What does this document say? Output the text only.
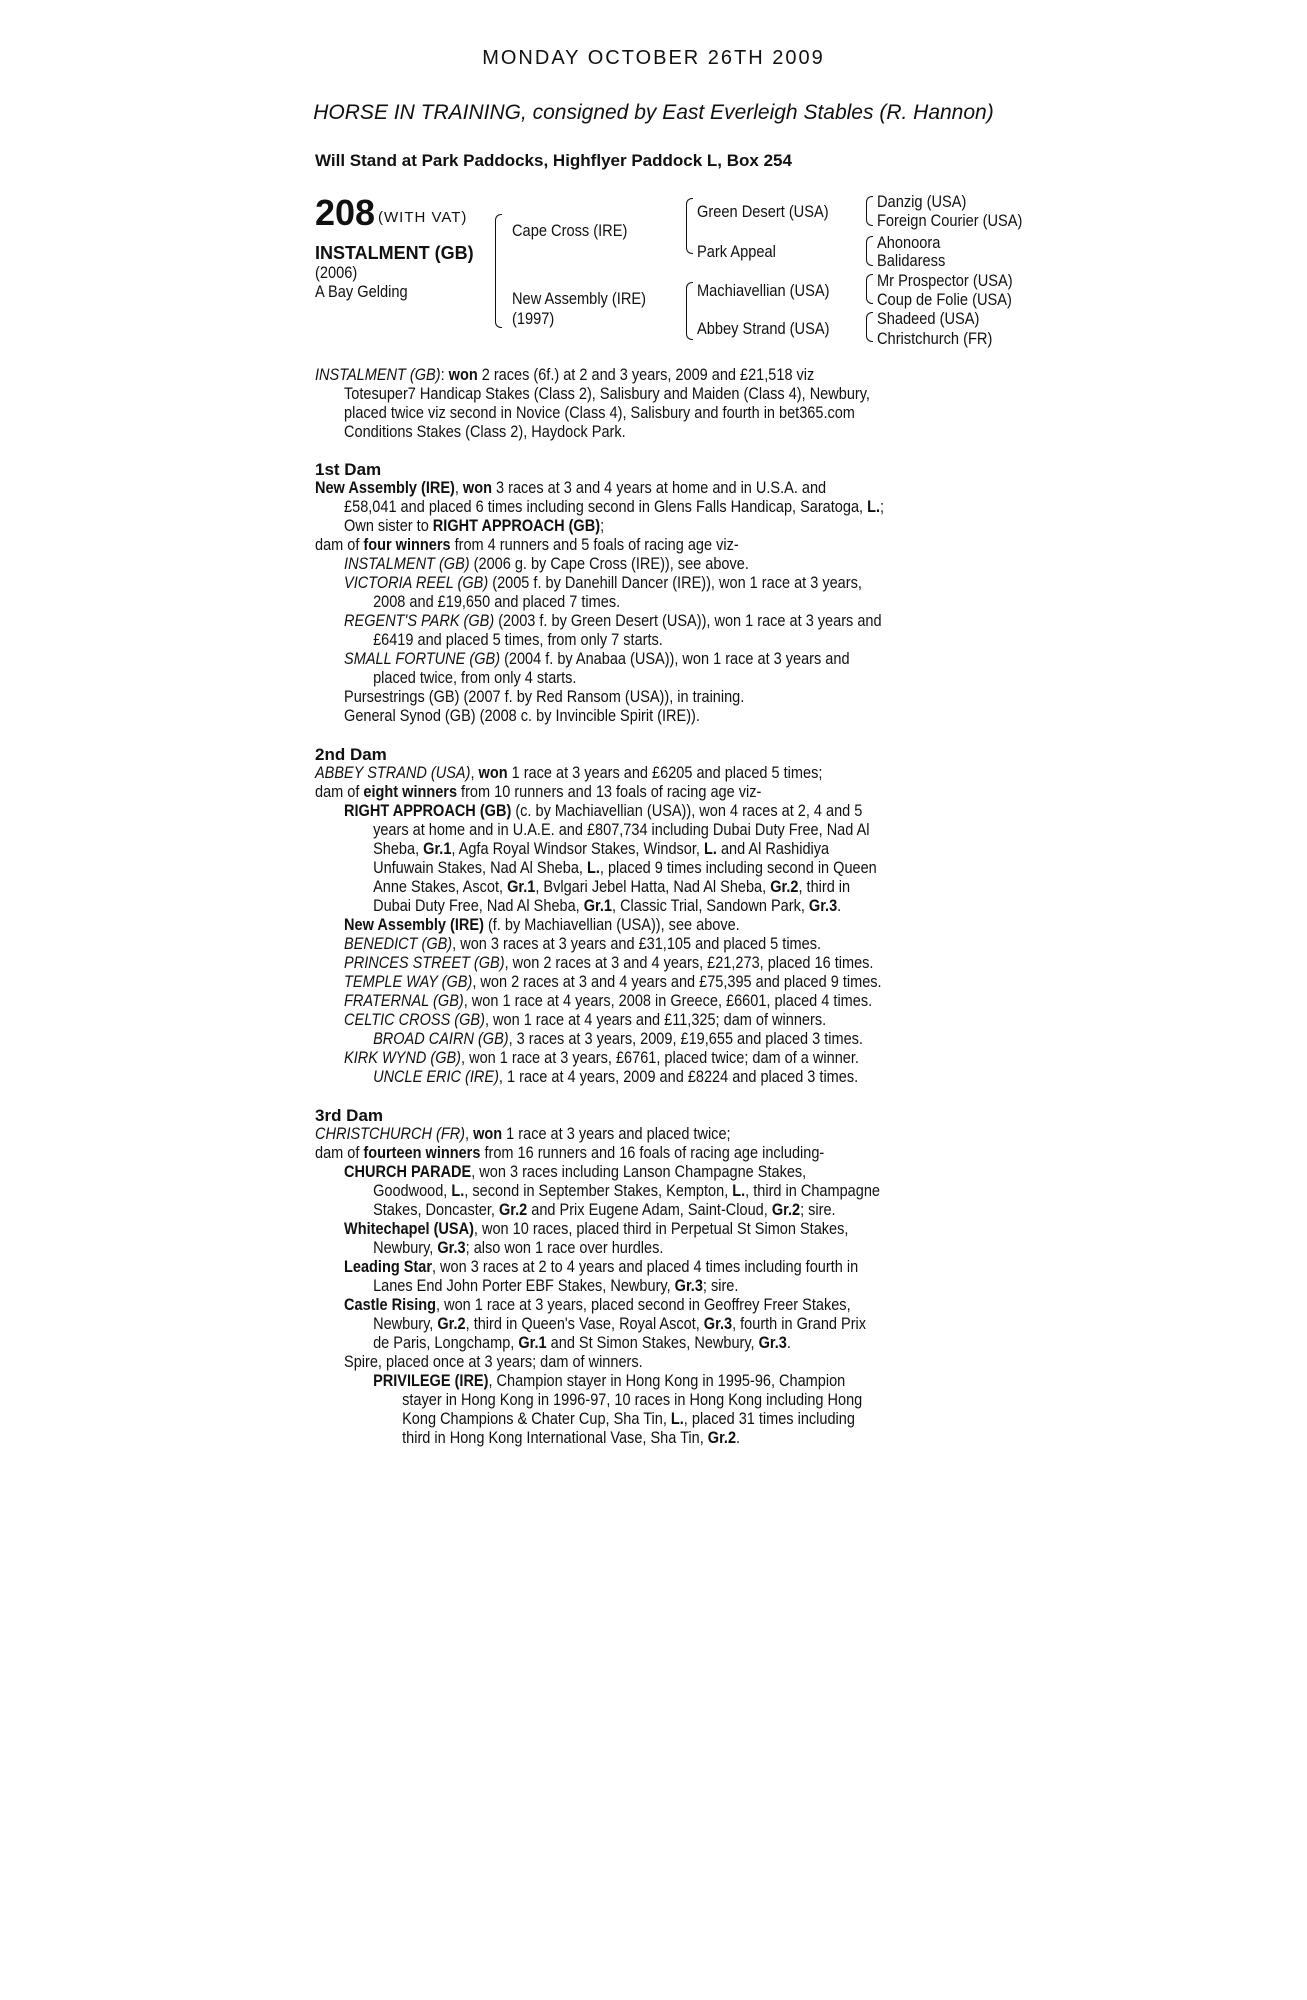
MONDAY OCTOBER 26TH 2009
HORSE IN TRAINING, consigned by East Everleigh Stables (R. Hannon)
Will Stand at Park Paddocks, Highflyer Paddock L, Box 254
208 (WITH VAT)
INSTALMENT (GB)
(2006)
A Bay Gelding
Cape Cross (IRE)
New Assembly (IRE)
(1997)
Green Desert (USA)
Park Appeal
Machiavellian (USA)
Abbey Strand (USA)
Danzig (USA)
Foreign Courier (USA)
Ahonoora
Balidaress
Mr Prospector (USA)
Coup de Folie (USA)
Shadeed (USA)
Christchurch (FR)
INSTALMENT (GB): won 2 races (6f.) at 2 and 3 years, 2009 and £21,518 viz
Totesuper7 Handicap Stakes (Class 2), Salisbury and Maiden (Class 4), Newbury,
placed twice viz second in Novice (Class 4), Salisbury and fourth in bet365.com
Conditions Stakes (Class 2), Haydock Park.
1st Dam
New Assembly (IRE), won 3 races at 3 and 4 years at home and in U.S.A. and
£58,041 and placed 6 times including second in Glens Falls Handicap, Saratoga, L.;
Own sister to RIGHT APPROACH (GB);
dam of four winners from 4 runners and 5 foals of racing age viz-
INSTALMENT (GB) (2006 g. by Cape Cross (IRE)), see above.
VICTORIA REEL (GB) (2005 f. by Danehill Dancer (IRE)), won 1 race at 3 years,
2008 and £19,650 and placed 7 times.
REGENT'S PARK (GB) (2003 f. by Green Desert (USA)), won 1 race at 3 years and
£6419 and placed 5 times, from only 7 starts.
SMALL FORTUNE (GB) (2004 f. by Anabaa (USA)), won 1 race at 3 years and
placed twice, from only 4 starts.
Pursestrings (GB) (2007 f. by Red Ransom (USA)), in training.
General Synod (GB) (2008 c. by Invincible Spirit (IRE)).
2nd Dam
ABBEY STRAND (USA), won 1 race at 3 years and £6205 and placed 5 times;
dam of eight winners from 10 runners and 13 foals of racing age viz-
RIGHT APPROACH (GB) (c. by Machiavellian (USA)), won 4 races at 2, 4 and 5
years at home and in U.A.E. and £807,734 including Dubai Duty Free, Nad Al
Sheba, Gr.1, Agfa Royal Windsor Stakes, Windsor, L. and Al Rashidiya
Unfuwain Stakes, Nad Al Sheba, L., placed 9 times including second in Queen
Anne Stakes, Ascot, Gr.1, Bvlgari Jebel Hatta, Nad Al Sheba, Gr.2, third in
Dubai Duty Free, Nad Al Sheba, Gr.1, Classic Trial, Sandown Park, Gr.3.
New Assembly (IRE) (f. by Machiavellian (USA)), see above.
BENEDICT (GB), won 3 races at 3 years and £31,105 and placed 5 times.
PRINCES STREET (GB), won 2 races at 3 and 4 years, £21,273, placed 16 times.
TEMPLE WAY (GB), won 2 races at 3 and 4 years and £75,395 and placed 9 times.
FRATERNAL (GB), won 1 race at 4 years, 2008 in Greece, £6601, placed 4 times.
CELTIC CROSS (GB), won 1 race at 4 years and £11,325; dam of winners.
BROAD CAIRN (GB), 3 races at 3 years, 2009, £19,655 and placed 3 times.
KIRK WYND (GB), won 1 race at 3 years, £6761, placed twice; dam of a winner.
UNCLE ERIC (IRE), 1 race at 4 years, 2009 and £8224 and placed 3 times.
3rd Dam
CHRISTCHURCH (FR), won 1 race at 3 years and placed twice;
dam of fourteen winners from 16 runners and 16 foals of racing age including-
CHURCH PARADE, won 3 races including Lanson Champagne Stakes,
Goodwood, L., second in September Stakes, Kempton, L., third in Champagne
Stakes, Doncaster, Gr.2 and Prix Eugene Adam, Saint-Cloud, Gr.2; sire.
Whitechapel (USA), won 10 races, placed third in Perpetual St Simon Stakes,
Newbury, Gr.3; also won 1 race over hurdles.
Leading Star, won 3 races at 2 to 4 years and placed 4 times including fourth in
Lanes End John Porter EBF Stakes, Newbury, Gr.3; sire.
Castle Rising, won 1 race at 3 years, placed second in Geoffrey Freer Stakes,
Newbury, Gr.2, third in Queen's Vase, Royal Ascot, Gr.3, fourth in Grand Prix
de Paris, Longchamp, Gr.1 and St Simon Stakes, Newbury, Gr.3.
Spire, placed once at 3 years; dam of winners.
PRIVILEGE (IRE), Champion stayer in Hong Kong in 1995-96, Champion
stayer in Hong Kong in 1996-97, 10 races in Hong Kong including Hong
Kong Champions & Chater Cup, Sha Tin, L., placed 31 times including
third in Hong Kong International Vase, Sha Tin, Gr.2.
